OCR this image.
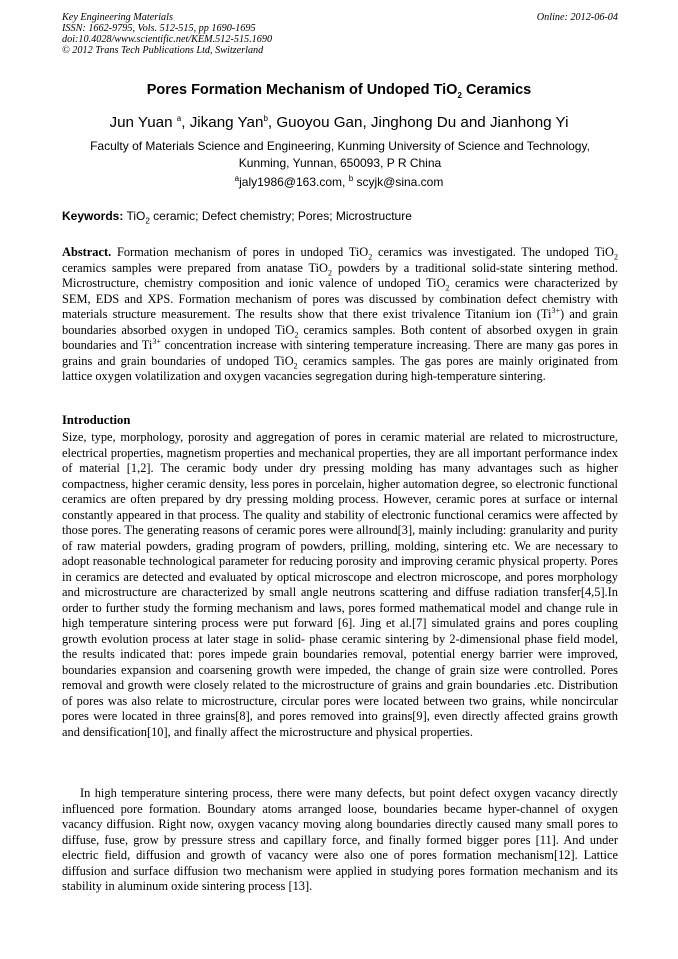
Key Engineering Materials
ISSN: 1662-9795, Vols. 512-515, pp 1690-1695
doi:10.4028/www.scientific.net/KEM.512-515.1690
© 2012 Trans Tech Publications Ltd, Switzerland
Online: 2012-06-04
Pores Formation Mechanism of Undoped TiO$_2$ Ceramics
Jun Yuan $^a$, Jikang Yan$^b$, Guoyou Gan, Jinghong Du and Jianhong Yi
Faculty of Materials Science and Engineering, Kunming University of Science and Technology,
Kunming, Yunnan, 650093, P R China
$^a$jaly1986@163.com, $^b$ scyjk@sina.com
Keywords: TiO$_2$ ceramic; Defect chemistry; Pores; Microstructure
Abstract. Formation mechanism of pores in undoped TiO$_2$ ceramics was investigated. The undoped TiO$_2$ ceramics samples were prepared from anatase TiO$_2$ powders by a traditional solid-state sintering method. Microstructure, chemistry composition and ionic valence of undoped TiO$_2$ ceramics were characterized by SEM, EDS and XPS. Formation mechanism of pores was discussed by combination defect chemistry with materials structure measurement. The results show that there exist trivalence Titanium ion $(Ti^{3+})$ and grain boundaries absorbed oxygen in undoped TiO$_2$ ceramics samples. Both content of absorbed oxygen in grain boundaries and $Ti^{3+}$ concentration increase with sintering temperature increasing. There are many gas pores in grains and grain boundaries of undoped TiO$_2$ ceramics samples. The gas pores are mainly originated from lattice oxygen volatilization and oxygen vacancies segregation during high-temperature sintering.
Introduction
Size, type, morphology, porosity and aggregation of pores in ceramic material are related to microstructure, electrical properties, magnetism properties and mechanical properties, they are all important performance index of material [1,2]. The ceramic body under dry pressing molding has many advantages such as higher compactness, higher ceramic density, less pores in porcelain, higher automation degree, so electronic functional ceramics are often prepared by dry pressing molding process. However, ceramic pores at surface or internal constantly appeared in that process. The quality and stability of electronic functional ceramics were affected by those pores. The generating reasons of ceramic pores were allround[3], mainly including: granularity and purity of raw material powders, grading program of powders, prilling, molding, sintering etc. We are necessary to adopt reasonable technological parameter for reducing porosity and improving ceramic physical property. Pores in ceramics are detected and evaluated by optical microscope and electron microscope, and pores morphology and microstructure are characterized by small angle neutrons scattering and diffuse radiation transfer[4,5].In order to further study the forming mechanism and laws, pores formed mathematical model and change rule in high temperature sintering process were put forward [6]. Jing et al.[7] simulated grains and pores coupling growth evolution process at later stage in solid- phase ceramic sintering by 2-dimensional phase field model, the results indicated that: pores impede grain boundaries removal, potential energy barrier were improved, boundaries expansion and coarsening growth were impeded, the change of grain size were controlled. Pores removal and growth were closely related to the microstructure of grains and grain boundaries .etc. Distribution of pores was also relate to microstructure, circular pores were located between two grains, while noncircular pores were located in three grains[8], and pores removed into grains[9], even directly affected grains growth and densification[10], and finally affect the microstructure and physical properties.
In high temperature sintering process, there were many defects, but point defect oxygen vacancy directly influenced pore formation. Boundary atoms arranged loose, boundaries became hyper-channel of oxygen vacancy diffusion. Right now, oxygen vacancy moving along boundaries directly caused many small pores to diffuse, fuse, grow by pressure stress and capillary force, and finally formed bigger pores [11]. And under electric field, diffusion and growth of vacancy were also one of pores formation mechanism[12]. Lattice diffusion and surface diffusion two mechanism were applied in studying pores formation mechanism and its stability in aluminum oxide sintering process [13].
